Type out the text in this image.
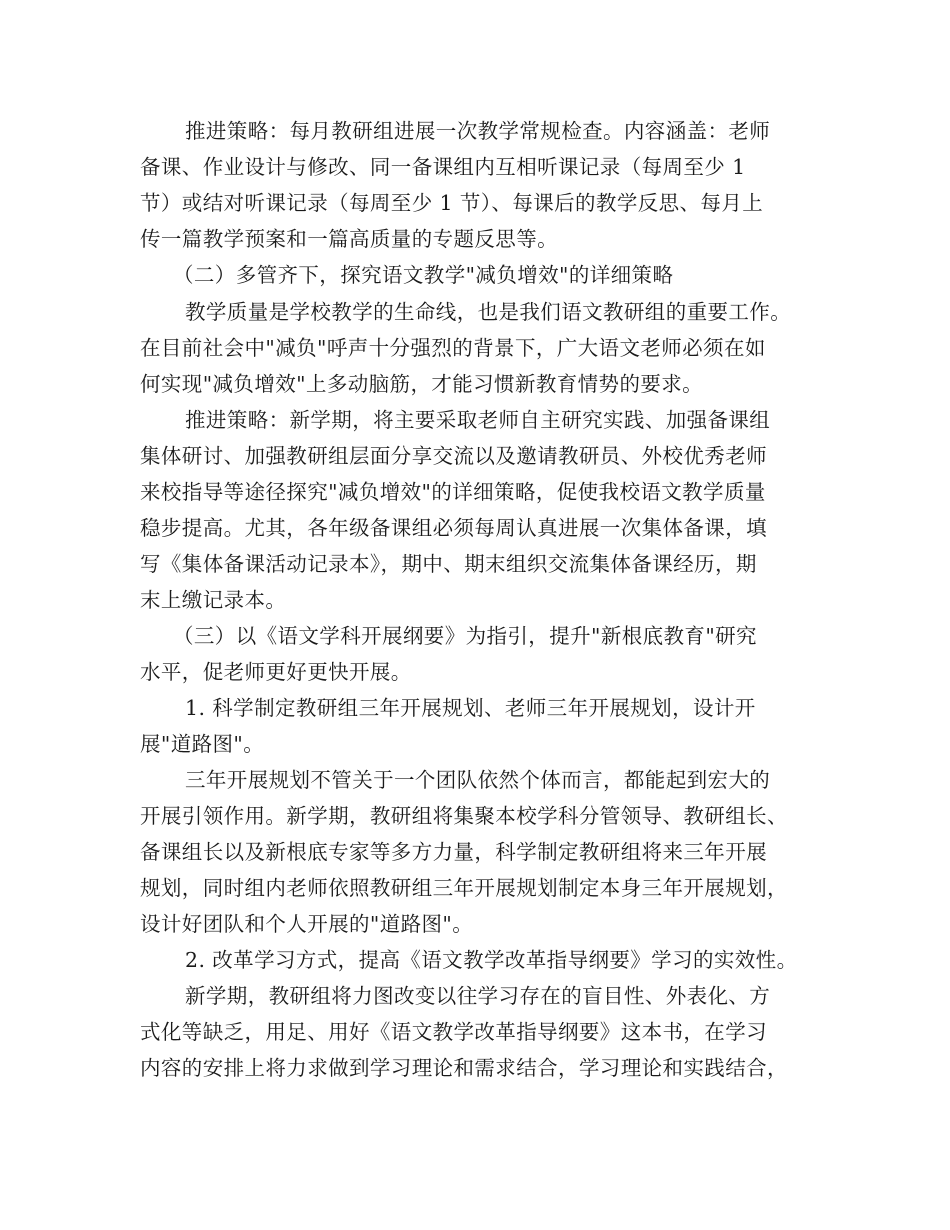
推进策略：每月教研组进展一次教学常规检查。内容涵盖：老师
备课、作业设计与修改、同一备课组内互相听课记录（每周至少 1
节）或结对听课记录（每周至少 1 节）、每课后的教学反思、每月上
传一篇教学预案和一篇高质量的专题反思等。
（二）多管齐下，探究语文教学"减负增效"的详细策略
教学质量是学校教学的生命线，也是我们语文教研组的重要工作。
在目前社会中"减负"呼声十分强烈的背景下，广大语文老师必须在如
何实现"减负增效"上多动脑筋，才能习惯新教育情势的要求。
推进策略：新学期，将主要采取老师自主研究实践、加强备课组
集体研讨、加强教研组层面分享交流以及邀请教研员、外校优秀老师
来校指导等途径探究"减负增效"的详细策略，促使我校语文教学质量
稳步提高。尤其，各年级备课组必须每周认真进展一次集体备课，填
写《集体备课活动记录本》，期中、期末组织交流集体备课经历，期
末上缴记录本。
（三）以《语文学科开展纲要》为指引，提升"新根底教育"研究
水平，促老师更好更快开展。
1. 科学制定教研组三年开展规划、老师三年开展规划，设计开
展"道路图"。
三年开展规划不管关于一个团队依然个体而言，都能起到宏大的
开展引领作用。新学期，教研组将集聚本校学科分管领导、教研组长、
备课组长以及新根底专家等多方力量，科学制定教研组将来三年开展
规划，同时组内老师依照教研组三年开展规划制定本身三年开展规划，
设计好团队和个人开展的"道路图"。
2. 改革学习方式，提高《语文教学改革指导纲要》学习的实效性。
新学期，教研组将力图改变以往学习存在的盲目性、外表化、方
式化等缺乏，用足、用好《语文教学改革指导纲要》这本书，在学习
内容的安排上将力求做到学习理论和需求结合，学习理论和实践结合，
